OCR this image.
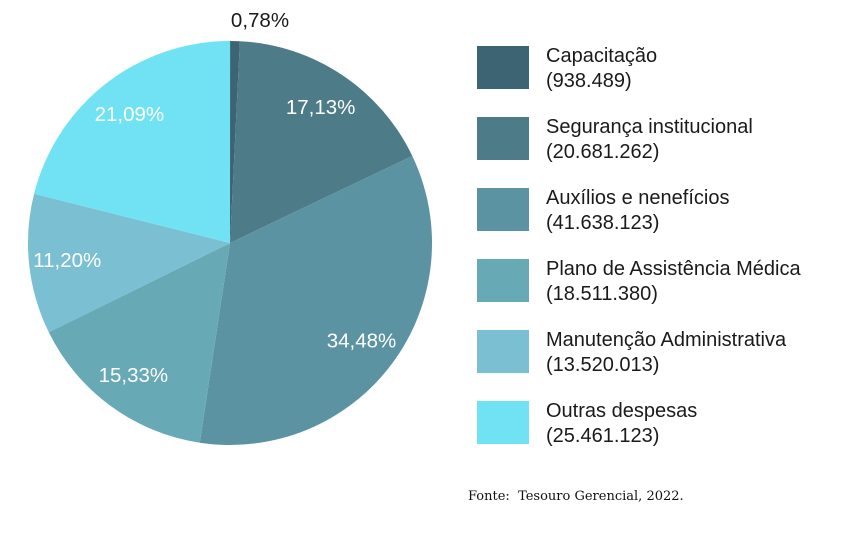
0,78%
17,13%
34,48%
15,33%
11,20%
21,09%
Capacitação
(938.489)
Segurança institucional
(20.681.262)
Auxílios e nenefícios
(41.638.123)
Plano de Assistência Médica
(18.511.380)
Manutenção Administrativa
(13.520.013)
Outras despesas
(25.461.123)
Fonte:  Tesouro Gerencial, 2022.
